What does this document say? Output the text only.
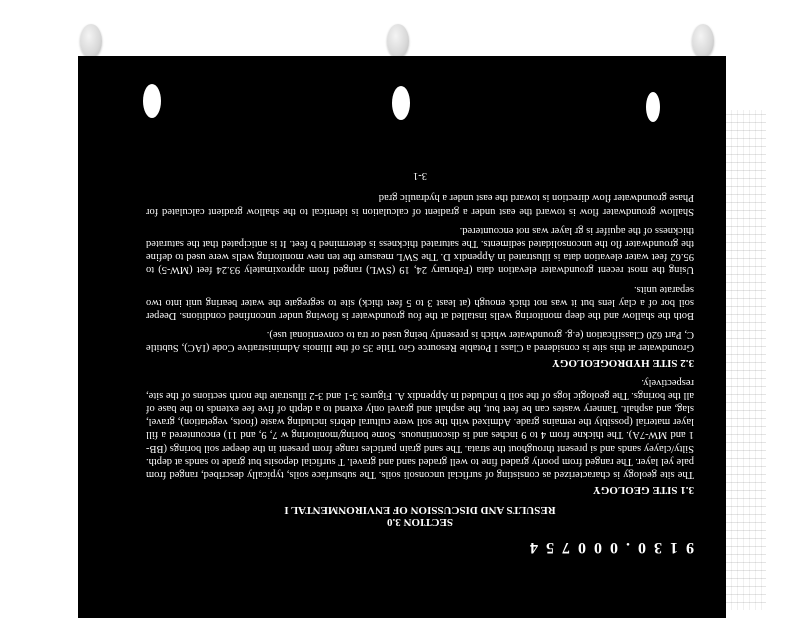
9 1 3 0 . 0 0 0 7 5 4
SECTION 3.0
RESULTS AND DISCUSSION OF ENVIRONMENTAL I
3.1 SITE GEOLOGY
The site geology is characterized as consisting of surficial unconsoli soils. The subsurface soils, typically described, ranged from pale yel layer. The ranged from poorly graded fine to well graded sand and gravel. T surficial deposits but grade to sands at depth. Silty/clayey sands and si present throughout the strata. The sand grain particles range from present in the deeper soil borings (BB-1 and MW-7A). The thickne from 4 to 9 inches and is discontinuous. Some boring/monitoring w 7, 9, and 11) encountered a fill layer material (possibly the remains grade. Admixed with the soil were cultural debris including waste (foots, vegetation), gravel, slag, and asphalt. Tannery wastes can be feet but, the asphalt and gravel only extend to a depth of five fee extends to the base of all the borings. The geologic logs of the soil b included in Appendix A. Figures 3-1 and 3-2 illustrate the north sections of the site, respectively.
3.2 SITE HYDROGEOLOGY
Groundwater at this site is considered a Class I Potable Resource Gro Title 35 of the Illinois Administrative Code (IAC), Subtitle C, Part 620 Classification (e.g. groundwater which is presently being used or tra to conventional use).
Both the shallow and the deep monitoring wells installed at the fou groundwater is flowing under unconfined conditions. Deeper soil bor of a clay lens but it was not thick enough (at least 3 to 5 feet thick) site to segregate the water bearing unit into two separate units.
Using the most recent groundwater elevation data (February 24, 19 (SWL) ranged from approximately 93.24 feet (MW-5) to 95.62 feet water elevation data is illustrated in Appendix D. The SWL measure the ten new monitoring wells were used to define the groundwater flo the unconsolidated sediments. The saturated thickness is determined b feet. It is anticipated that the saturated thickness of the aquifer is gr layer was not encountered.
Shallow groundwater flow is toward the east under a gradient of calculation is identical to the shallow gradient calculated for Phase groundwater flow direction is toward the east under a hydraulic grad
3-1
